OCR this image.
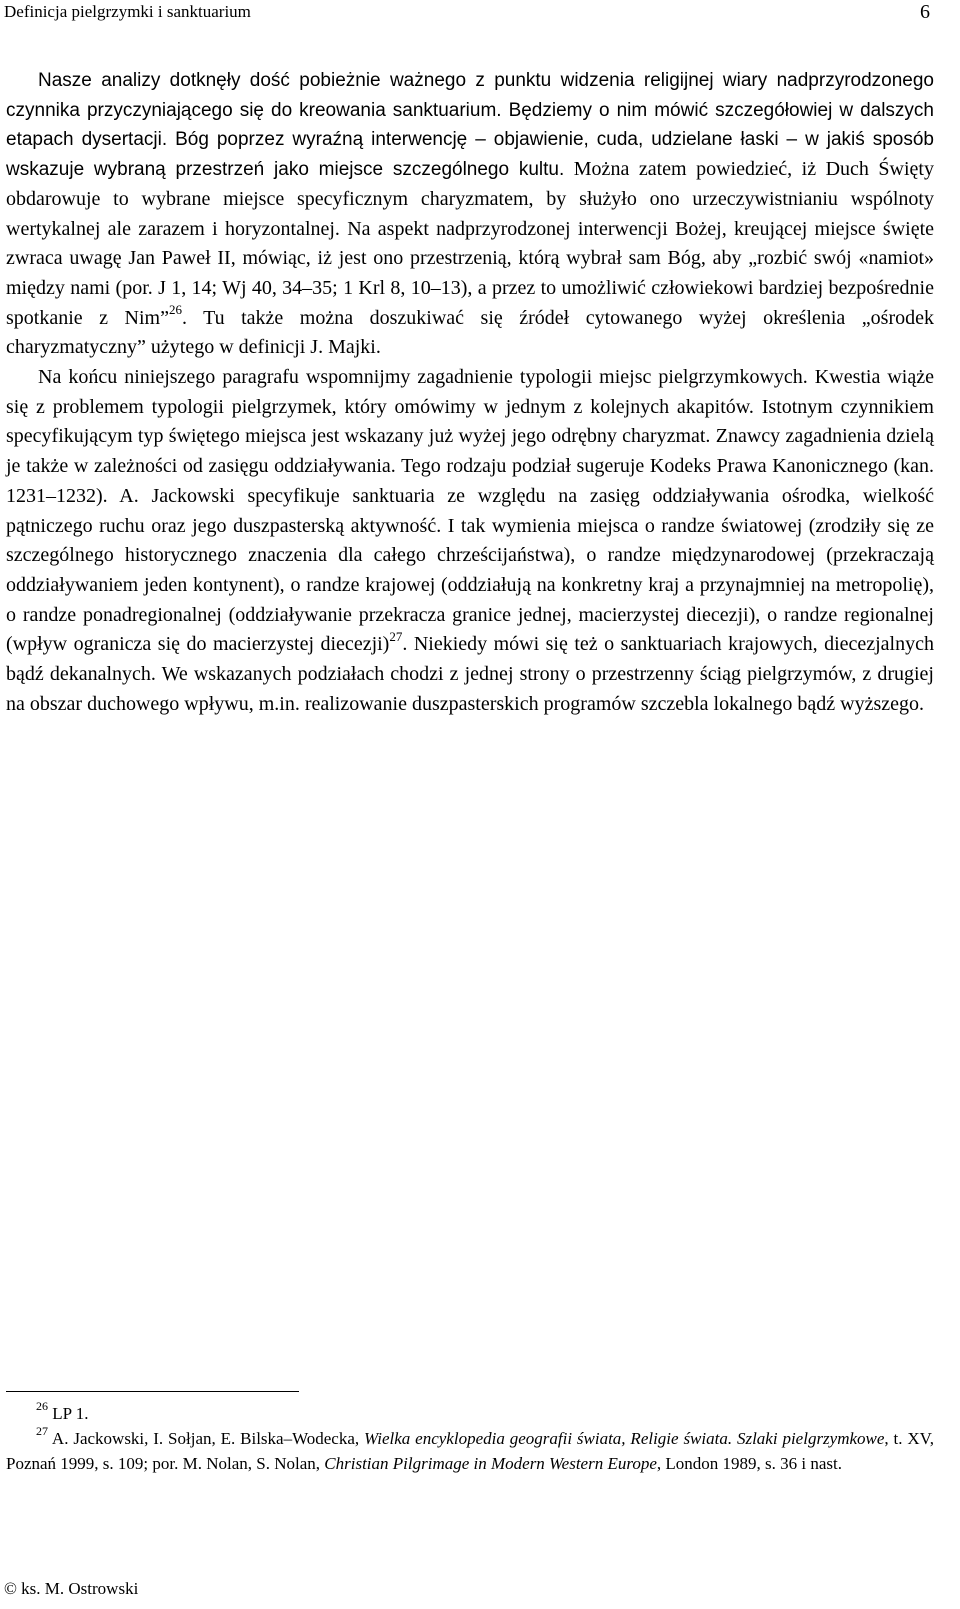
Definicja pielgrzymki i sanktuarium	6

Nasze analizy dotknęły dość pobieżnie ważnego z punktu widzenia religijnej wiary nadprzyrodzonego czynnika przyczyniającego się do kreowania sanktuarium. Będziemy o nim mówić szczegółowiej w dalszych etapach dysertacji. Bóg poprzez wyraźną interwencję – objawienie, cuda, udzielane łaski – w jakiś sposób wskazuje wybraną przestrzeń jako miejsce szczególnego kultu. Można zatem powiedzieć, iż Duch Święty obdarowuje to wybrane miejsce specyficznym charyzmatem, by służyło ono urzeczywistnianiu wspólnoty wertykalnej ale zarazem i horyzontalnej. Na aspekt nadprzyrodzonej interwencji Bożej, kreującej miejsce święte zwraca uwagę Jan Paweł II, mówiąc, iż jest ono przestrzenią, którą wybrał sam Bóg, aby „rozbić swój «namiot» między nami (por. J 1, 14; Wj 40, 34–35; 1 Krl 8, 10–13), a przez to umożliwić człowiekowi bardziej bezpośrednie spotkanie z Nim”$^{26}$. Tu także można doszukiwać się źródeł cytowanego wyżej określenia „ośrodek charyzmatyczny” użytego w definicji J. Majki.

Na końcu niniejszego paragrafu wspomnijmy zagadnienie typologii miejsc pielgrzymkowych. Kwestia wiąże się z problemem typologii pielgrzymek, który omówimy w jednym z kolejnych akapitów. Istotnym czynnikiem specyfikującym typ świętego miejsca jest wskazany już wyżej jego odrębny charyzmat. Znawcy zagadnienia dzielą je także w zależności od zasięgu oddziaływania. Tego rodzaju podział sugeruje Kodeks Prawa Kanonicznego (kan. 1231–1232). A. Jackowski specyfikuje sanktuaria ze względu na zasięg oddziaływania ośrodka, wielkość pątniczego ruchu oraz jego duszpasterską aktywność. I tak wymienia miejsca o randze światowej (zrodziły się ze szczególnego historycznego znaczenia dla całego chrześcijaństwa), o randze międzynarodowej (przekraczają oddziaływaniem jeden kontynent), o randze krajowej (oddziałują na konkretny kraj a przynajmniej na metropolię), o randze ponadregionalnej (oddziaływanie przekracza granice jednej, macierzystej diecezji), o randze regionalnej (wpływ ogranicza się do macierzystej diecezji)$^{27}$. Niekiedy mówi się też o sanktuariach krajowych, diecezjalnych bądź dekanalnych. We wskazanych podziałach chodzi z jednej strony o przestrzenny ściąg pielgrzymów, z drugiej na obszar duchowego wpływu, m.in. realizowanie duszpasterskich programów szczebla lokalnego bądź wyższego.

$^{26}$ LP 1.

$^{27}$ A. Jackowski, I. Sołjan, E. Bilska–Wodecka, Wielka encyklopedia geografii świata, Religie świata. Szlaki pielgrzymkowe, t. XV, Poznań 1999, s. 109; por. M. Nolan, S. Nolan, Christian Pilgrimage in Modern Western Europe, London 1989, s. 36 i nast.

© ks. M. Ostrowski
